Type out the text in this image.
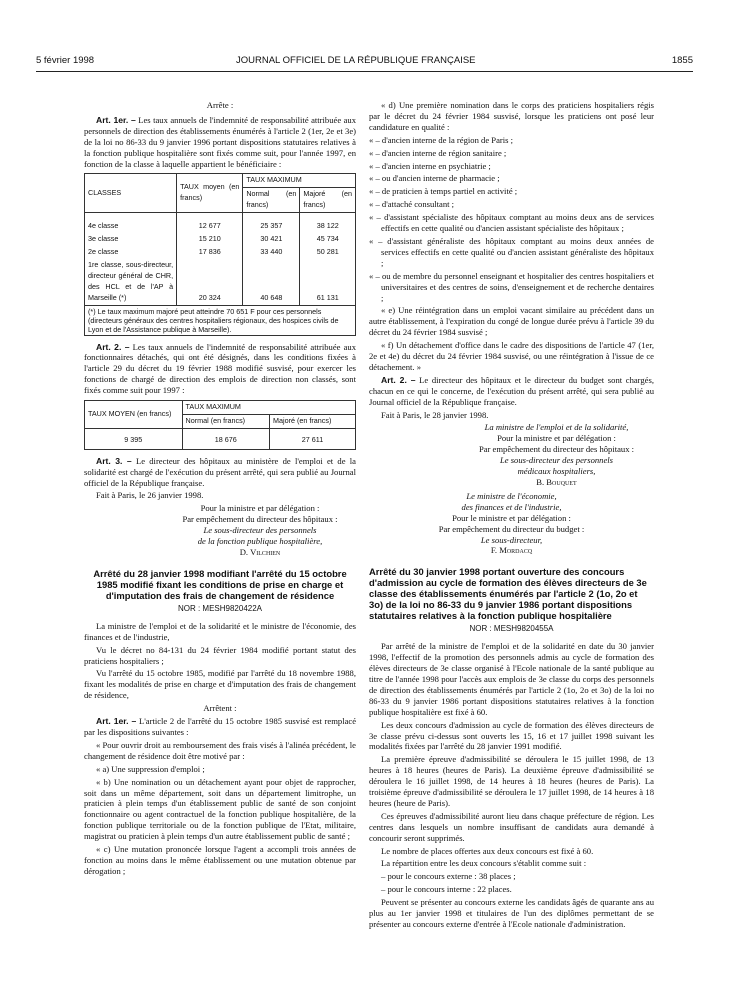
5 février 1998	JOURNAL OFFICIEL DE LA RÉPUBLIQUE FRANÇAISE	1855

Arrête :

Art. 1er. – Les taux annuels de l'indemnité de responsabilité attribuée aux personnels de direction des établissements énumérés à l'article 2 (1er, 2e et 3e) de la loi no 86-33 du 9 janvier 1996 portant dispositions statutaires relatives à la fonction publique hospitalière sont fixés comme suit, pour l'année 1997, en fonction de la classe à laquelle appartient le bénéficiaire :

CLASSES	TAUX moyen (en francs)	TAUX MAXIMUM	
		Normal (en francs)	Majoré (en francs)
4e classe	12 677	25 357	38 122
3e classe	15 210	30 421	45 734
2e classe	17 836	33 440	50 281
1re classe, sous-directeur, directeur général de CHR, des HCL et de l'AP à Marseille (*)	20 324	40 648	61 131
(*) Le taux maximum majoré peut atteindre 70 651 F pour ces personnels (directeurs généraux des centres hospitaliers régionaux, des hospices civils de Lyon et de l'Assistance publique à Marseille).			

Art. 2. – Les taux annuels de l'indemnité de responsabilité attribuée aux fonctionnaires détachés, qui ont été désignés, dans les conditions fixées à l'article 29 du décret du 19 février 1988 modifié susvisé, pour exercer les fonctions de chargé de direction des emplois de direction non classés, sont fixés comme suit pour 1997 :

TAUX MOYEN (en francs)	TAUX MAXIMUM	
	Normal (en francs)	Majoré (en francs)
9 395	18 676	27 611

Art. 3. – Le directeur des hôpitaux au ministère de l'emploi et de la solidarité est chargé de l'exécution du présent arrêté, qui sera publié au Journal officiel de la République française.

Fait à Paris, le 26 janvier 1998.

Pour la ministre et par délégation :
Par empêchement du directeur des hôpitaux :
Le sous-directeur des personnels
de la fonction publique hospitalière,
D. Vilchien
Arrêté du 28 janvier 1998 modifiant l'arrêté du 15 octobre 1985 modifié fixant les conditions de prise en charge et d'imputation des frais de changement de résidence
NOR : MESH9820422A

La ministre de l'emploi et de la solidarité et le ministre de l'économie, des finances et de l'industrie,

Vu le décret no 84-131 du 24 février 1984 modifié portant statut des praticiens hospitaliers ;

Vu l'arrêté du 15 octobre 1985, modifié par l'arrêté du 18 novembre 1988, fixant les modalités de prise en charge et d'imputation des frais de changement de résidence,

Arrêtent :

Art. 1er. – L'article 2 de l'arrêté du 15 octobre 1985 susvisé est remplacé par les dispositions suivantes :

« Pour ouvrir droit au remboursement des frais visés à l'alinéa précédent, le changement de résidence doit être motivé par :

« a) Une suppression d'emploi ;

« b) Une nomination ou un détachement ayant pour objet de rapprocher, soit dans un même département, soit dans un département limitrophe, un praticien à plein temps d'un établissement public de santé de son conjoint fonctionnaire ou agent contractuel de la fonction publique hospitalière, de la fonction publique territoriale ou de la fonction publique de l'Etat, militaire, magistrat ou praticien à plein temps d'un autre établissement public de santé ;

« c) Une mutation prononcée lorsque l'agent a accompli trois années de fonction au moins dans le même établissement ou une mutation obtenue par dérogation ;

« d) Une première nomination dans le corps des praticiens hospitaliers régis par le décret du 24 février 1984 susvisé, lorsque les praticiens ont posé leur candidature en qualité :

« – d'ancien interne de la région de Paris ;

« – d'ancien interne de région sanitaire ;

« – d'ancien interne en psychiatrie ;

« – ou d'ancien interne de pharmacie ;

« – de praticien à temps partiel en activité ;

« – d'attaché consultant ;

« – d'assistant spécialiste des hôpitaux comptant au moins deux ans de services effectifs en cette qualité ou d'ancien assistant spécialiste des hôpitaux ;

« – d'assistant généraliste des hôpitaux comptant au moins deux années de services effectifs en cette qualité ou d'ancien assistant généraliste des hôpitaux ;

« – ou de membre du personnel enseignant et hospitalier des centres hospitaliers et universitaires et des centres de soins, d'enseignement et de recherche dentaires ;

« e) Une réintégration dans un emploi vacant similaire au précédent dans un autre établissement, à l'expiration du congé de longue durée prévu à l'article 39 du décret du 24 février 1984 susvisé ;

« f) Un détachement d'office dans le cadre des dispositions de l'article 47 (1er, 2e et 4e) du décret du 24 février 1984 susvisé, ou une réintégration à l'issue de ce détachement. »

Art. 2. – Le directeur des hôpitaux et le directeur du budget sont chargés, chacun en ce qui le concerne, de l'exécution du présent arrêté, qui sera publié au Journal officiel de la République française.

Fait à Paris, le 28 janvier 1998.

La ministre de l'emploi et de la solidarité,
Pour la ministre et par délégation :
Par empêchement du directeur des hôpitaux :
Le sous-directeur des personnels
médicaux hospitaliers,
B. Bouquet
Le ministre de l'économie,
des finances et de l'industrie,
Pour le ministre et par délégation :
Par empêchement du directeur du budget :
Le sous-directeur,
F. Mordacq
Arrêté du 30 janvier 1998 portant ouverture des concours d'admission au cycle de formation des élèves directeurs de 3e classe des établissements énumérés par l'article 2 (1o, 2o et 3o) de la loi no 86-33 du 9 janvier 1986 portant dispositions statutaires relatives à la fonction publique hospitalière
NOR : MESH9820455A

Par arrêté de la ministre de l'emploi et de la solidarité en date du 30 janvier 1998, l'effectif de la promotion des personnels admis au cycle de formation des élèves directeurs de 3e classe organisé à l'Ecole nationale de la santé publique au titre de l'année 1998 pour l'accès aux emplois de 3e classe du corps des personnels de direction des établissements énumérés par l'article 2 (1o, 2o et 3o) de la loi no 86-33 du 9 janvier 1986 portant dispositions statutaires relatives à la fonction publique hospitalière est fixé à 60.

Les deux concours d'admission au cycle de formation des élèves directeurs de 3e classe prévu ci-dessus sont ouverts les 15, 16 et 17 juillet 1998 suivant les modalités fixées par l'arrêté du 28 janvier 1991 modifié.

La première épreuve d'admissibilité se déroulera le 15 juillet 1998, de 13 heures à 18 heures (heures de Paris). La deuxième épreuve d'admissibilité se déroulera le 16 juillet 1998, de 14 heures à 18 heures (heures de Paris). La troisième épreuve d'admissibilité se déroulera le 17 juillet 1998, de 14 heures à 18 heures (heure de Paris).

Ces épreuves d'admissibilité auront lieu dans chaque préfecture de région. Les centres dans lesquels un nombre insuffisant de candidats aura demandé à concourir seront supprimés.

Le nombre de places offertes aux deux concours est fixé à 60.

La répartition entre les deux concours s'établit comme suit :

– pour le concours externe : 38 places ;

– pour le concours interne : 22 places.

Peuvent se présenter au concours externe les candidats âgés de quarante ans au plus au 1er janvier 1998 et titulaires de l'un des diplômes permettant de se présenter au concours externe d'entrée à l'Ecole nationale d'administration.
